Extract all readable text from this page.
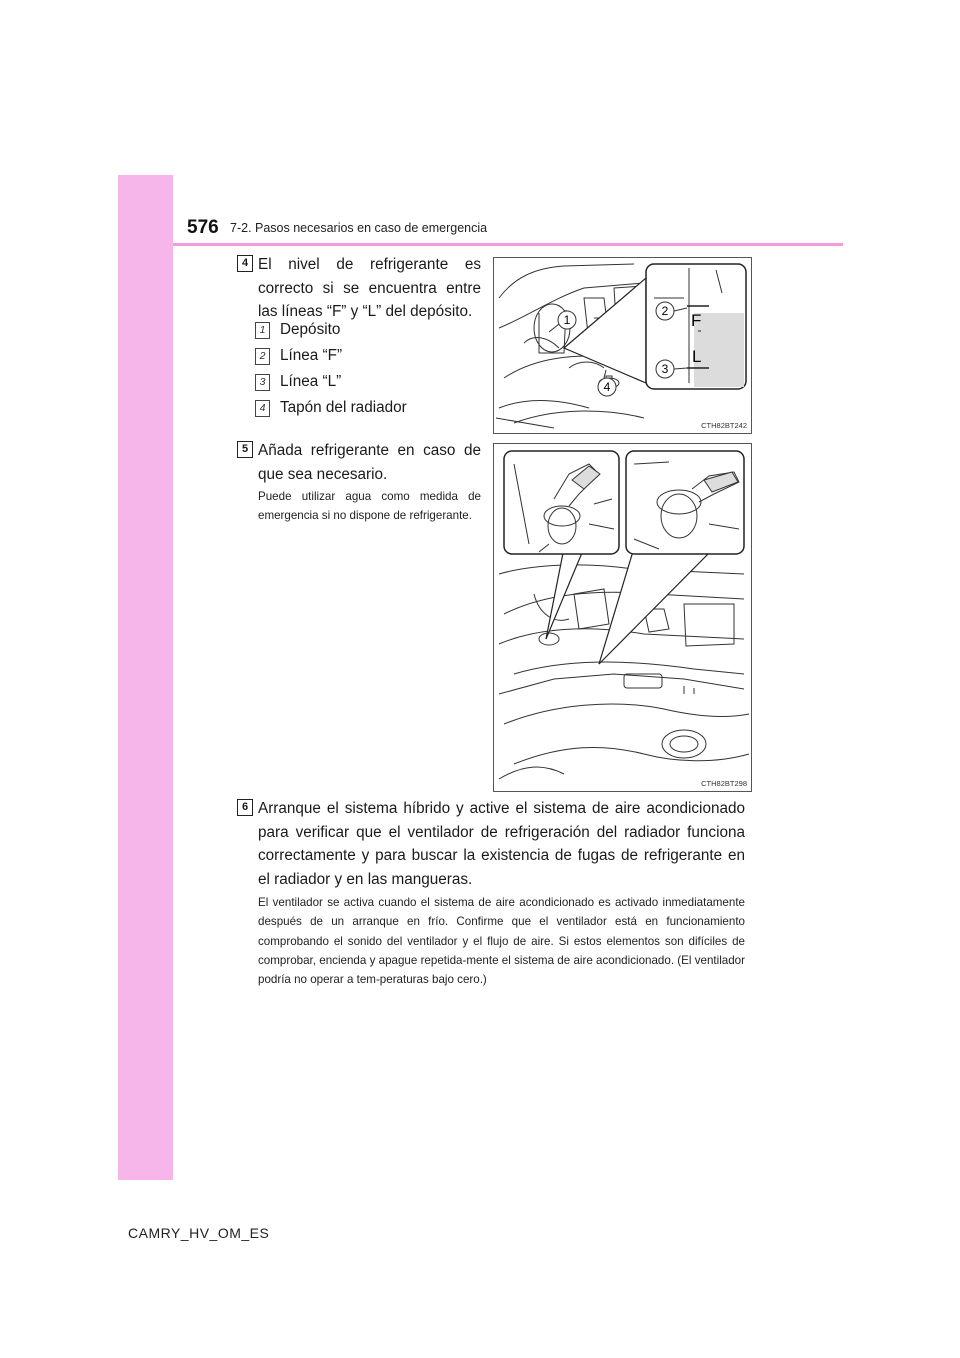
576 7-2. Pasos necesarios en caso de emergencia
4 El nivel de refrigerante es correcto si se encuentra entre las líneas “F” y “L” del depósito.
1 Depósito
2 Línea “F”
3 Línea “L”
4 Tapón del radiador
1
4
F
L
2
3
CTH82BT242
5 Añada refrigerante en caso de que sea necesario.
Puede utilizar agua como medida de emergencia si no dispone de refrigerante.
CTH82BT298
6 Arranque el sistema híbrido y active el sistema de aire acondicionado para verificar que el ventilador de refrigeración del radiador funciona correctamente y para buscar la existencia de fugas de refrigerante en el radiador y en las mangueras.
El ventilador se activa cuando el sistema de aire acondicionado es activado inmediatamente después de un arranque en frío. Confirme que el ventilador está en funcionamiento comprobando el sonido del ventilador y el flujo de aire. Si estos elementos son difíciles de comprobar, encienda y apague repetida-mente el sistema de aire acondicionado. (El ventilador podría no operar a tem-peraturas bajo cero.)
CAMRY_HV_OM_ES
